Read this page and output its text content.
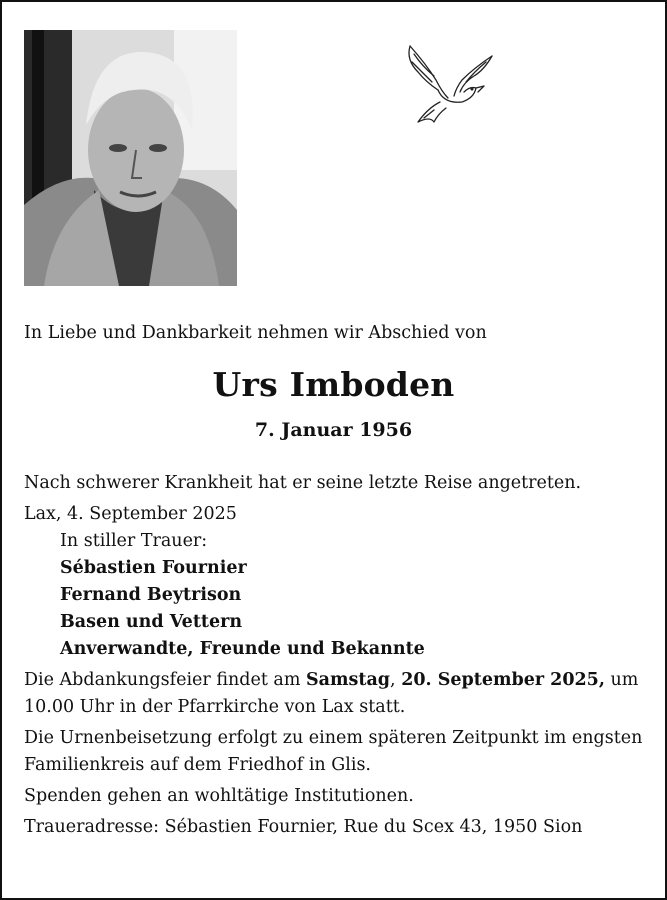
In Liebe und Dankbarkeit nehmen wir Abschied von
Urs Imboden
7. Januar 1956

Nach schwerer Krankheit hat er seine letzte Reise angetreten.

Lax, 4. September 2025

In stiller Trauer:
Sébastien Fournier
Fernand Beytrison
Basen und Vettern
Anverwandte, Freunde und Bekannte

Die Abdankungsfeier findet am Samstag, 20. September 2025, um 10.00 Uhr in der Pfarrkirche von Lax statt.

Die Urnenbeisetzung erfolgt zu einem späteren Zeitpunkt im engsten Familienkreis auf dem Friedhof in Glis.

Spenden gehen an wohltätige Institutionen.

Traueradresse: Sébastien Fournier, Rue du Scex 43, 1950 Sion
